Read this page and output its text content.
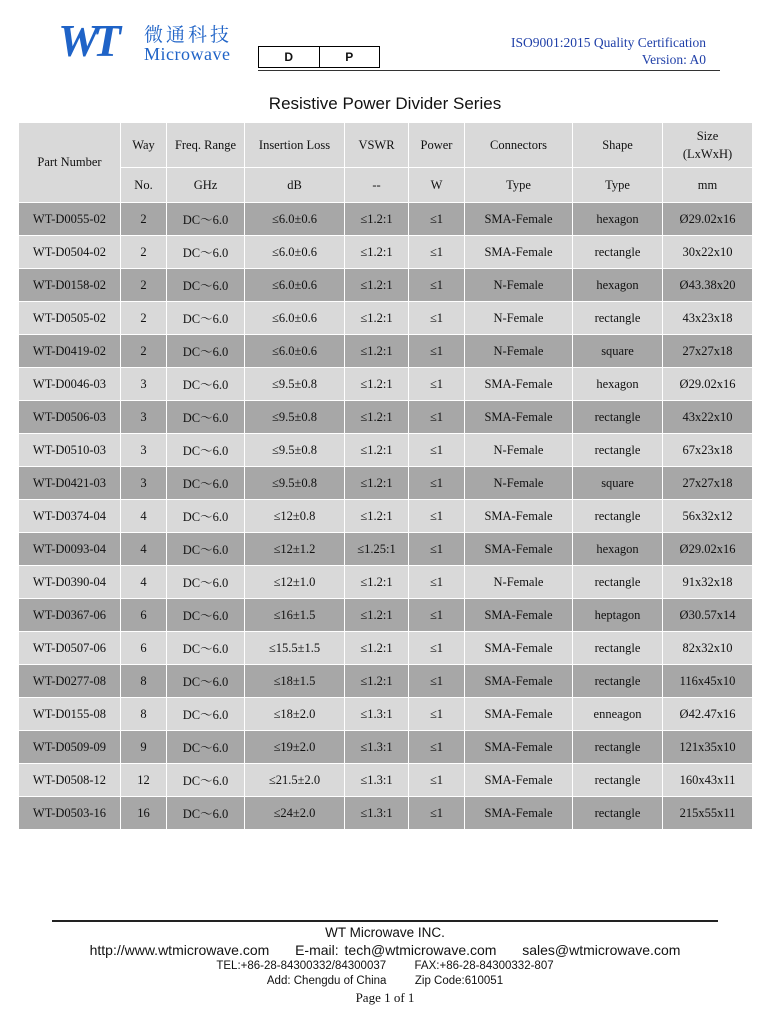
WT 微通科技
Microwave	D	P
ISO9001:2015 Quality Certification
Version: A0
Resistive Power Divider Series
Part Number	Way	Freq. Range	Insertion Loss	VSWR	Power	Connectors	Shape	Size (LxWxH)
	No.	GHz	dB	--	W	Type	Type	mm
WT-D0055-02	2	DC～6.0	≤6.0±0.6	≤1.2:1	≤1	SMA-Female	hexagon	Ø29.02x16
WT-D0504-02	2	DC～6.0	≤6.0±0.6	≤1.2:1	≤1	SMA-Female	rectangle	30x22x10
WT-D0158-02	2	DC～6.0	≤6.0±0.6	≤1.2:1	≤1	N-Female	hexagon	Ø43.38x20
WT-D0505-02	2	DC～6.0	≤6.0±0.6	≤1.2:1	≤1	N-Female	rectangle	43x23x18
WT-D0419-02	2	DC～6.0	≤6.0±0.6	≤1.2:1	≤1	N-Female	square	27x27x18
WT-D0046-03	3	DC～6.0	≤9.5±0.8	≤1.2:1	≤1	SMA-Female	hexagon	Ø29.02x16
WT-D0506-03	3	DC～6.0	≤9.5±0.8	≤1.2:1	≤1	SMA-Female	rectangle	43x22x10
WT-D0510-03	3	DC～6.0	≤9.5±0.8	≤1.2:1	≤1	N-Female	rectangle	67x23x18
WT-D0421-03	3	DC～6.0	≤9.5±0.8	≤1.2:1	≤1	N-Female	square	27x27x18
WT-D0374-04	4	DC～6.0	≤12±0.8	≤1.2:1	≤1	SMA-Female	rectangle	56x32x12
WT-D0093-04	4	DC～6.0	≤12±1.2	≤1.25:1	≤1	SMA-Female	hexagon	Ø29.02x16
WT-D0390-04	4	DC～6.0	≤12±1.0	≤1.2:1	≤1	N-Female	rectangle	91x32x18
WT-D0367-06	6	DC～6.0	≤16±1.5	≤1.2:1	≤1	SMA-Female	heptagon	Ø30.57x14
WT-D0507-06	6	DC～6.0	≤15.5±1.5	≤1.2:1	≤1	SMA-Female	rectangle	82x32x10
WT-D0277-08	8	DC～6.0	≤18±1.5	≤1.2:1	≤1	SMA-Female	rectangle	116x45x10
WT-D0155-08	8	DC～6.0	≤18±2.0	≤1.3:1	≤1	SMA-Female	enneagon	Ø42.47x16
WT-D0509-09	9	DC～6.0	≤19±2.0	≤1.3:1	≤1	SMA-Female	rectangle	121x35x10
WT-D0508-12	12	DC～6.0	≤21.5±2.0	≤1.3:1	≤1	SMA-Female	rectangle	160x43x11
WT-D0503-16	16	DC～6.0	≤24±2.0	≤1.3:1	≤1	SMA-Female	rectangle	215x55x11
WT Microwave INC.
http://www.wtmicrowave.com E-mail: tech@wtmicrowave.com sales@wtmicrowave.com
TEL:+86-28-84300332/84300037 FAX:+86-28-84300332-807
Add: Chengdu of China Zip Code:610051
Page 1 of 1
